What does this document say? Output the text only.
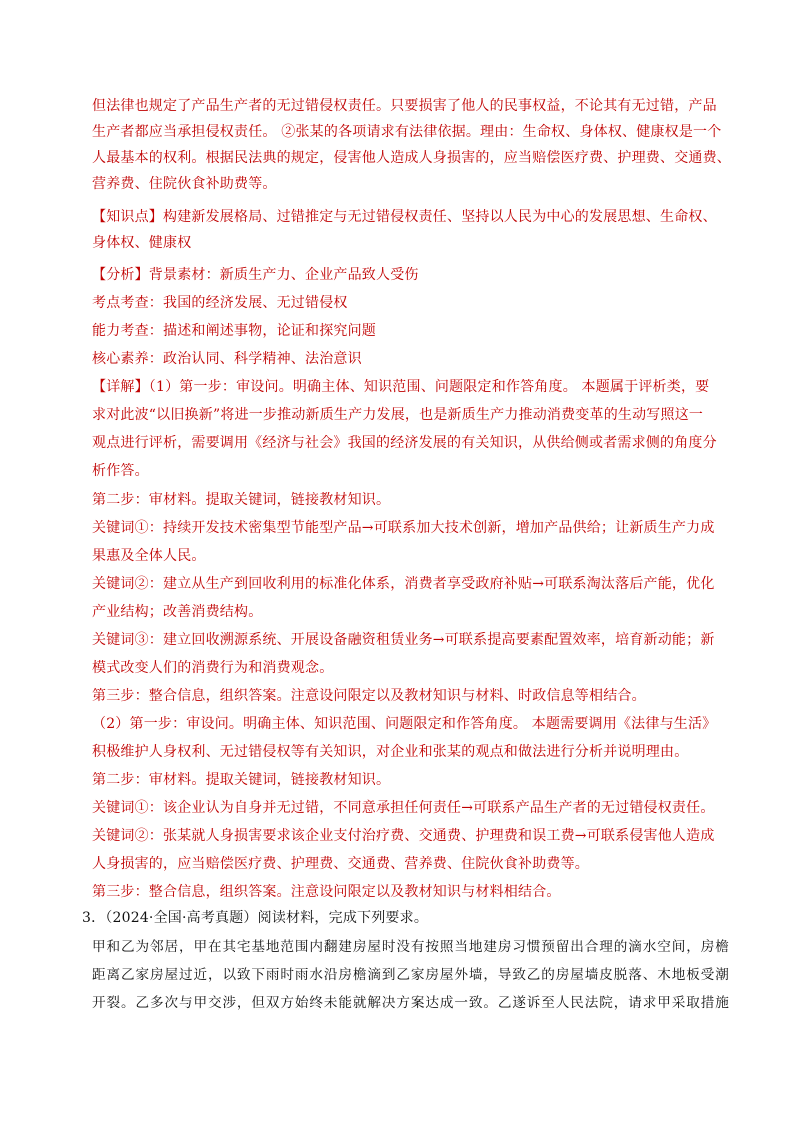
但法律也规定了产品生产者的无过错侵权责任。只要损害了他人的民事权益，不论其有无过错，产品
生产者都应当承担侵权责任。 ②张某的各项请求有法律依据。理由：生命权、身体权、健康权是一个
人最基本的权利。根据民法典的规定，侵害他人造成人身损害的，应当赔偿医疗费、护理费、交通费、
营养费、住院伙食补助费等。
【知识点】构建新发展格局、过错推定与无过错侵权责任、坚持以人民为中心的发展思想、生命权、
身体权、健康权
【分析】背景素材：新质生产力、企业产品致人受伤
考点考查：我国的经济发展、无过错侵权
能力考查：描述和阐述事物，论证和探究问题
核心素养：政治认同、科学精神、法治意识
【详解】（1）第一步：审设问。明确主体、知识范围、问题限定和作答角度。 本题属于评析类，要
求对此波“以旧换新”将进一步推动新质生产力发展，也是新质生产力推动消费变革的生动写照这一
观点进行评析，需要调用《经济与社会》我国的经济发展的有关知识，从供给侧或者需求侧的角度分
析作答。
第二步：审材料。提取关键词，链接教材知识。
关键词①：持续开发技术密集型节能型产品→可联系加大技术创新，增加产品供给；让新质生产力成
果惠及全体人民。
关键词②：建立从生产到回收利用的标准化体系，消费者享受政府补贴→可联系淘汰落后产能，优化
产业结构；改善消费结构。
关键词③：建立回收溯源系统、开展设备融资租赁业务→可联系提高要素配置效率，培育新动能；新
模式改变人们的消费行为和消费观念。
第三步：整合信息，组织答案。注意设问限定以及教材知识与材料、时政信息等相结合。
（2）第一步：审设问。明确主体、知识范围、问题限定和作答角度。 本题需要调用《法律与生活》
积极维护人身权利、无过错侵权等有关知识，对企业和张某的观点和做法进行分析并说明理由。
第二步：审材料。提取关键词，链接教材知识。
关键词①：该企业认为自身并无过错，不同意承担任何责任→可联系产品生产者的无过错侵权责任。
关键词②：张某就人身损害要求该企业支付治疗费、交通费、护理费和误工费→可联系侵害他人造成
人身损害的，应当赔偿医疗费、护理费、交通费、营养费、住院伙食补助费等。
第三步：整合信息，组织答案。注意设问限定以及教材知识与材料相结合。
3．（2024·全国·高考真题）阅读材料，完成下列要求。
甲和乙为邻居，甲在其宅基地范围内翻建房屋时没有按照当地建房习惯预留出合理的滴水空间，房檐
距离乙家房屋过近，以致下雨时雨水沿房檐滴到乙家房屋外墙，导致乙的房屋墙皮脱落、木地板受潮
开裂。乙多次与甲交涉，但双方始终未能就解决方案达成一致。乙遂诉至人民法院，请求甲采取措施
